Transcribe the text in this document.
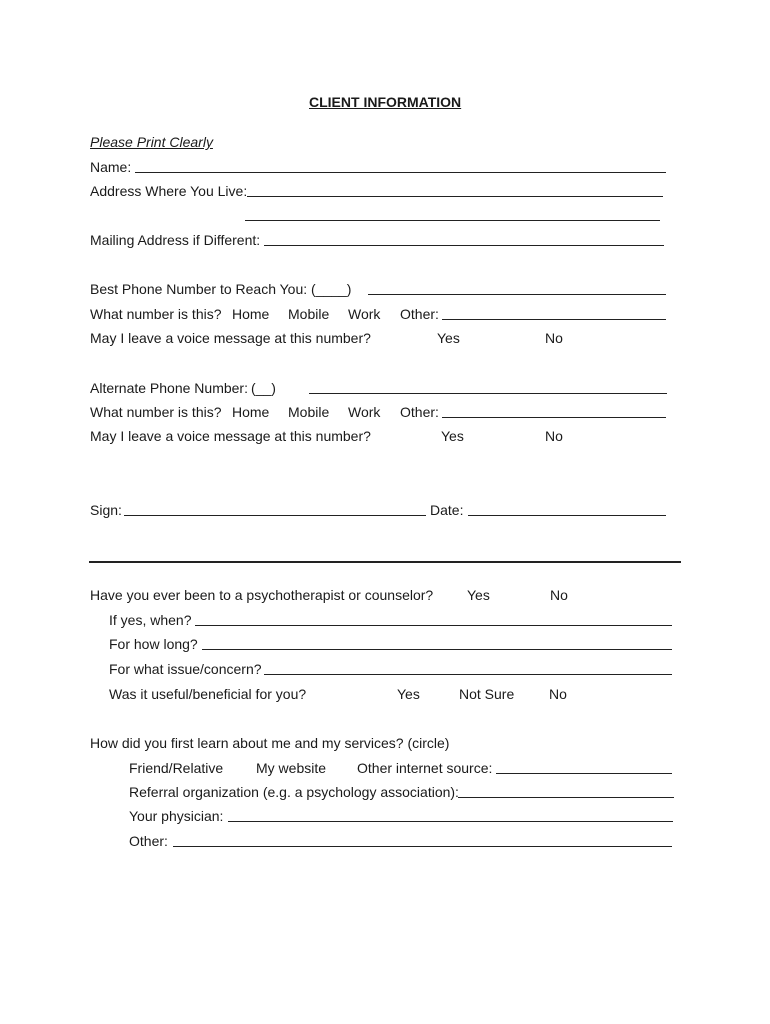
CLIENT INFORMATION
Please Print Clearly
Name:
Address Where You Live:
Mailing Address if Different:
Best Phone Number to Reach You: (____)
What number is this? Home Mobile Work Other:
May I leave a voice message at this number?	Yes	No
Alternate Phone Number: (__)
What number is this? Home Mobile Work Other:
May I leave a voice message at this number?	Yes	No
Sign:	Date:
Have you ever been to a psychotherapist or counselor? Yes	No
If yes, when?
For how long?
For what issue/concern?
Was it useful/beneficial for you?	Yes	Not Sure No
How did you first learn about me and my services? (circle)
Friend/Relative My website Other internet source:
Referral organization (e.g. a psychology association):
Your physician:
Other:
